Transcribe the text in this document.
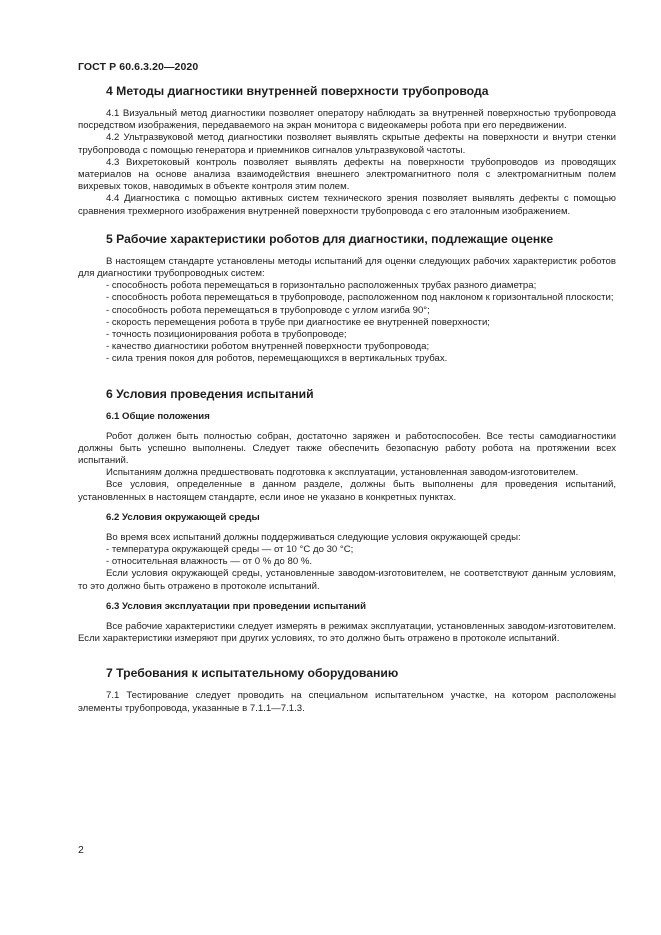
ГОСТ Р 60.6.3.20—2020
4 Методы диагностики внутренней поверхности трубопровода

4.1 Визуальный метод диагностики позволяет оператору наблюдать за внутренней поверхностью трубопровода посредством изображения, передаваемого на экран монитора с видеокамеры робота при его передвижении.

4.2 Ультразвуковой метод диагностики позволяет выявлять скрытые дефекты на поверхности и внутри стенки трубопровода с помощью генератора и приемников сигналов ультразвуковой частоты.

4.3 Вихретоковый контроль позволяет выявлять дефекты на поверхности трубопроводов из проводящих материалов на основе анализа взаимодействия внешнего электромагнитного поля с электромагнитным полем вихревых токов, наводимых в объекте контроля этим полем.

4.4 Диагностика с помощью активных систем технического зрения позволяет выявлять дефекты с помощью сравнения трехмерного изображения внутренней поверхности трубопровода с его эталонным изображением.

5 Рабочие характеристики роботов для диагностики, подлежащие оценке

В настоящем стандарте установлены методы испытаний для оценки следующих рабочих характеристик роботов для диагностики трубопроводных систем:

- способность робота перемещаться в горизонтально расположенных трубах разного диаметра;

- способность робота перемещаться в трубопроводе, расположенном под наклоном к горизонтальной плоскости;

- способность робота перемещаться в трубопроводе с углом изгиба 90°;

- скорость перемещения робота в трубе при диагностике ее внутренней поверхности;

- точность позиционирования робота в трубопроводе;

- качество диагностики роботом внутренней поверхности трубопровода;

- сила трения покоя для роботов, перемещающихся в вертикальных трубах.

6 Условия проведения испытаний
6.1 Общие положения

Робот должен быть полностью собран, достаточно заряжен и работоспособен. Все тесты самодиагностики должны быть успешно выполнены. Следует также обеспечить безопасную работу робота на протяжении всех испытаний.

Испытаниям должна предшествовать подготовка к эксплуатации, установленная заводом-изготовителем.

Все условия, определенные в данном разделе, должны быть выполнены для проведения испытаний, установленных в настоящем стандарте, если иное не указано в конкретных пунктах.

6.2 Условия окружающей среды

Во время всех испытаний должны поддерживаться следующие условия окружающей среды:

- температура окружающей среды — от 10 °С до 30 °С;

- относительная влажность — от 0 % до 80 %.

Если условия окружающей среды, установленные заводом-изготовителем, не соответствуют данным условиям, то это должно быть отражено в протоколе испытаний.

6.3 Условия эксплуатации при проведении испытаний

Все рабочие характеристики следует измерять в режимах эксплуатации, установленных заводом-изготовителем. Если характеристики измеряют при других условиях, то это должно быть отражено в протоколе испытаний.

7 Требования к испытательному оборудованию

7.1 Тестирование следует проводить на специальном испытательном участке, на котором расположены элементы трубопровода, указанные в 7.1.1—7.1.3.

2
